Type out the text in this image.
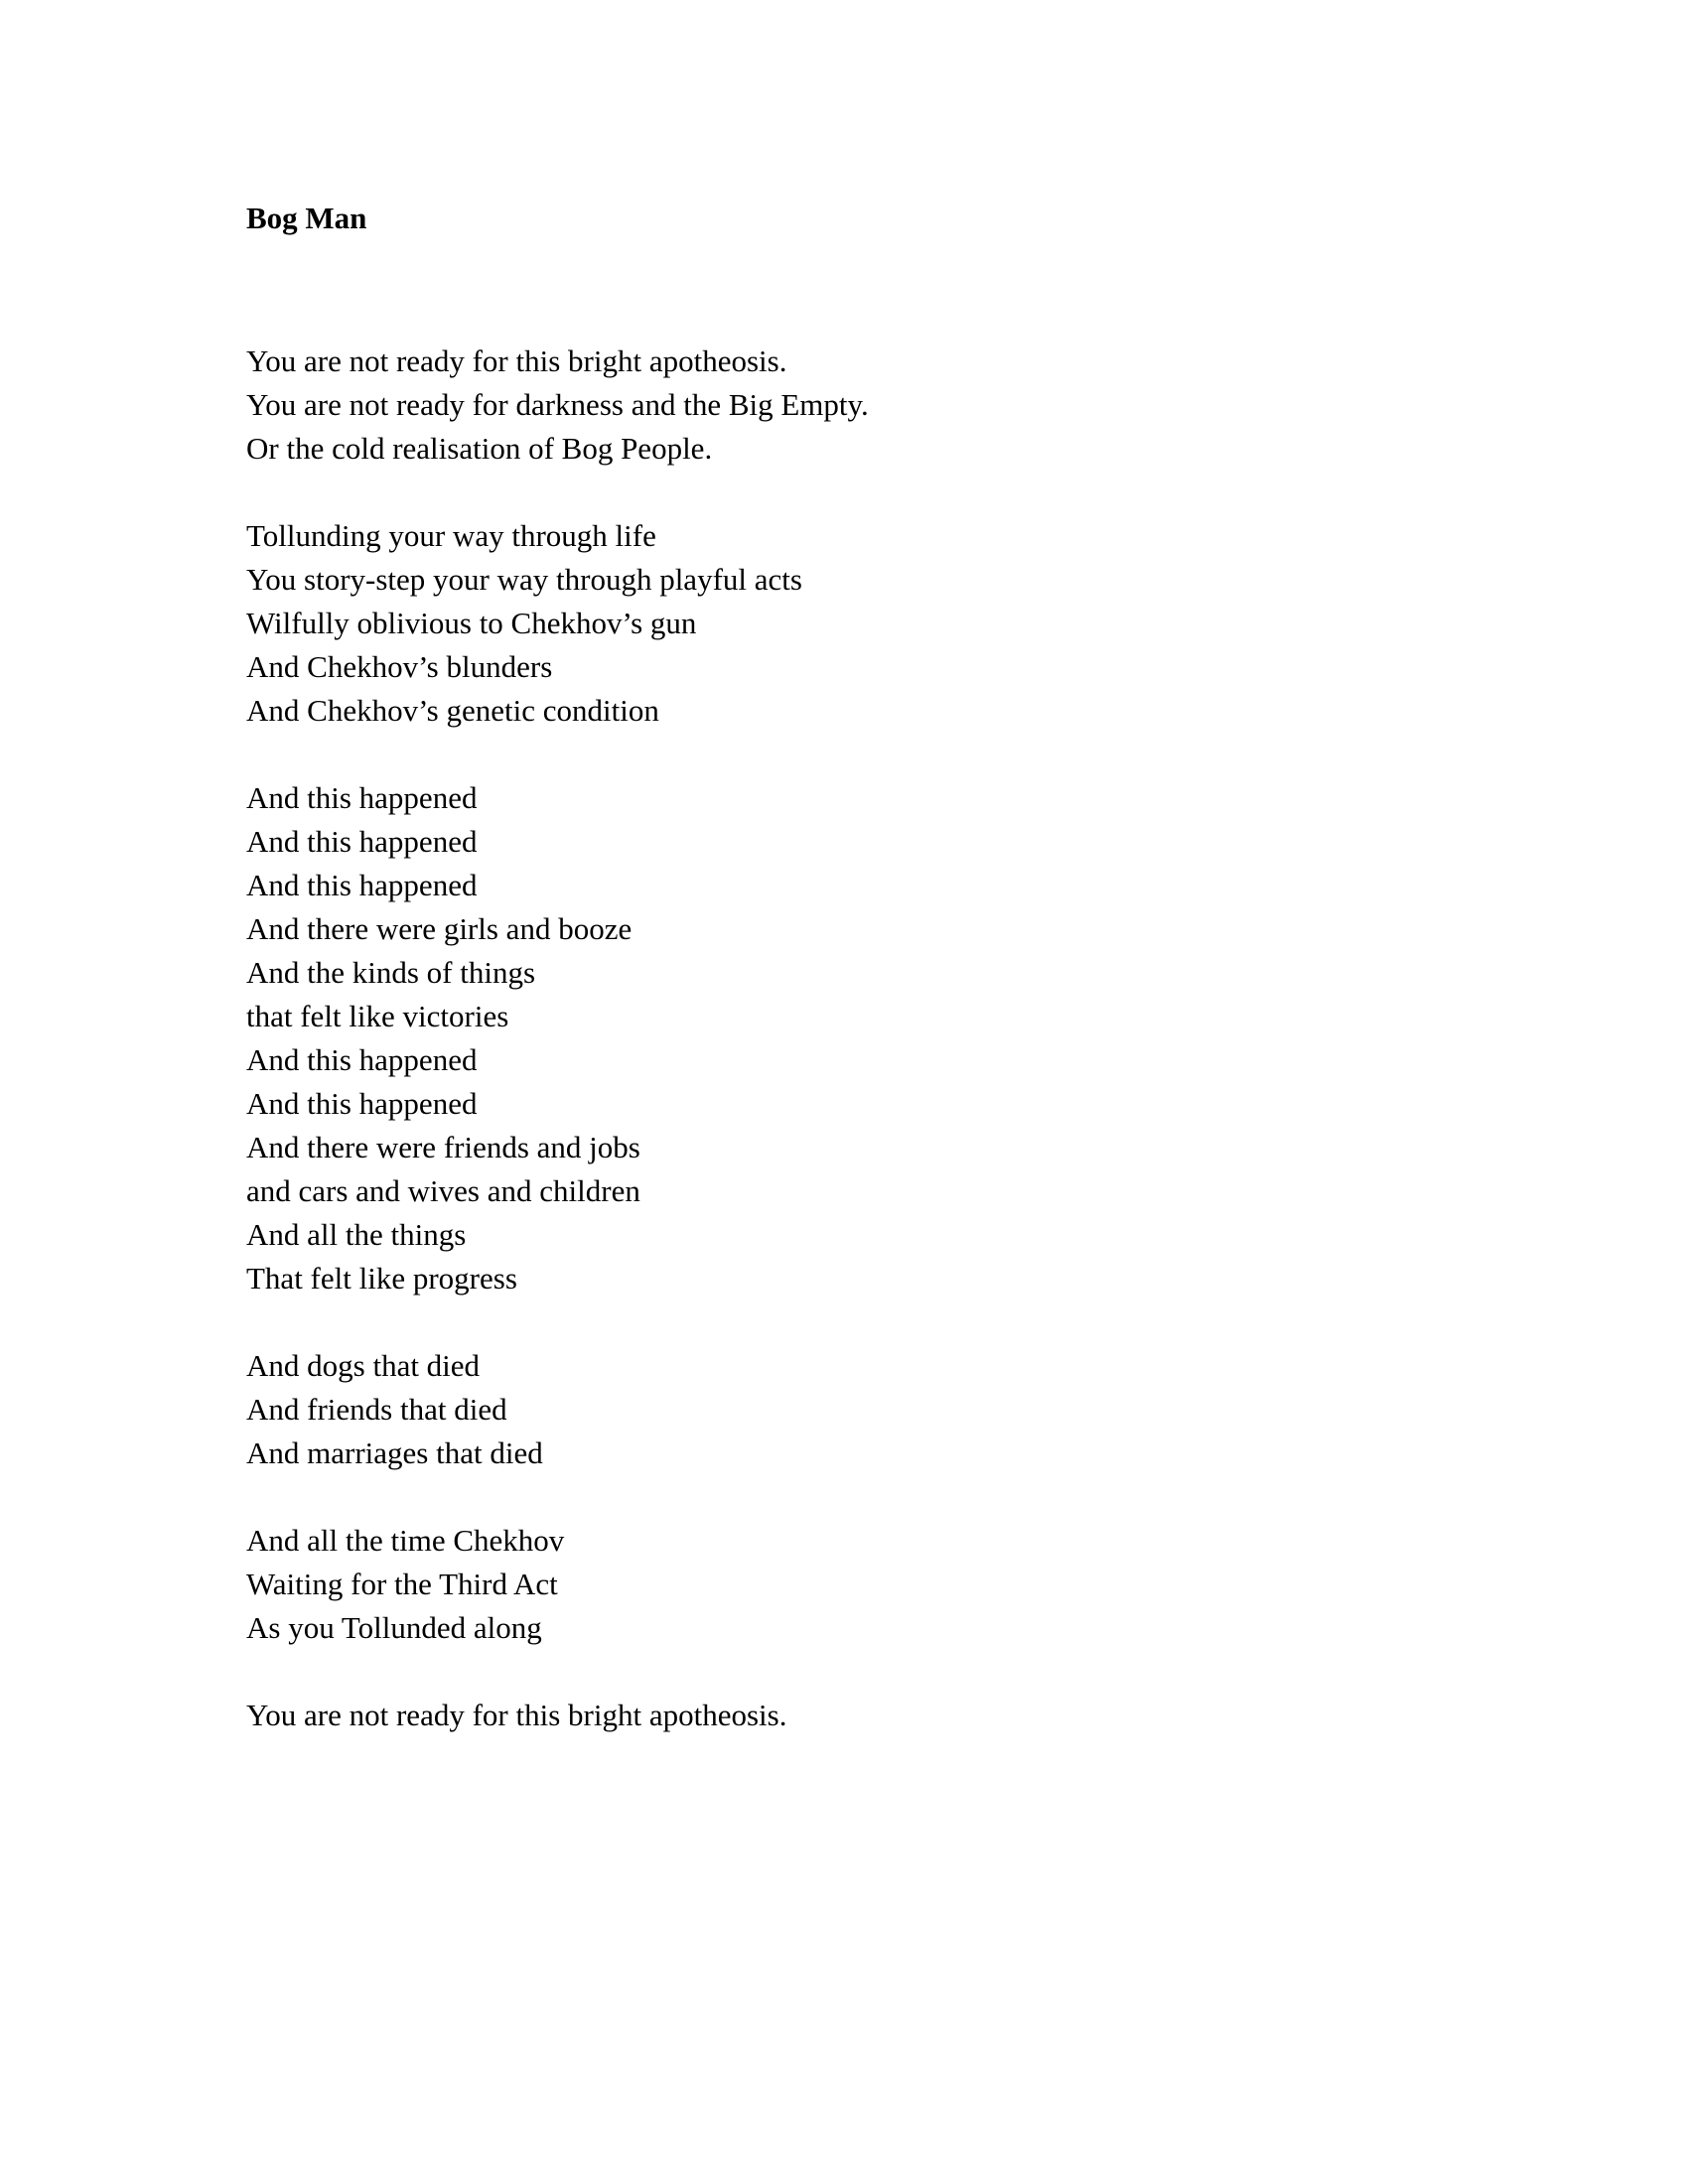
Bog Man
You are not ready for this bright apotheosis.
You are not ready for darkness and the Big Empty.
Or the cold realisation of Bog People.
Tollunding your way through life
You story-step your way through playful acts
Wilfully oblivious to Chekhov’s gun
And Chekhov’s blunders
And Chekhov’s genetic condition
And this happened
And this happened
And this happened
And there were girls and booze
And the kinds of things
that felt like victories
And this happened
And this happened
And there were friends and jobs
and cars and wives and children
And all the things
That felt like progress
And dogs that died
And friends that died
And marriages that died
And all the time Chekhov
Waiting for the Third Act
As you Tollunded along
You are not ready for this bright apotheosis.
